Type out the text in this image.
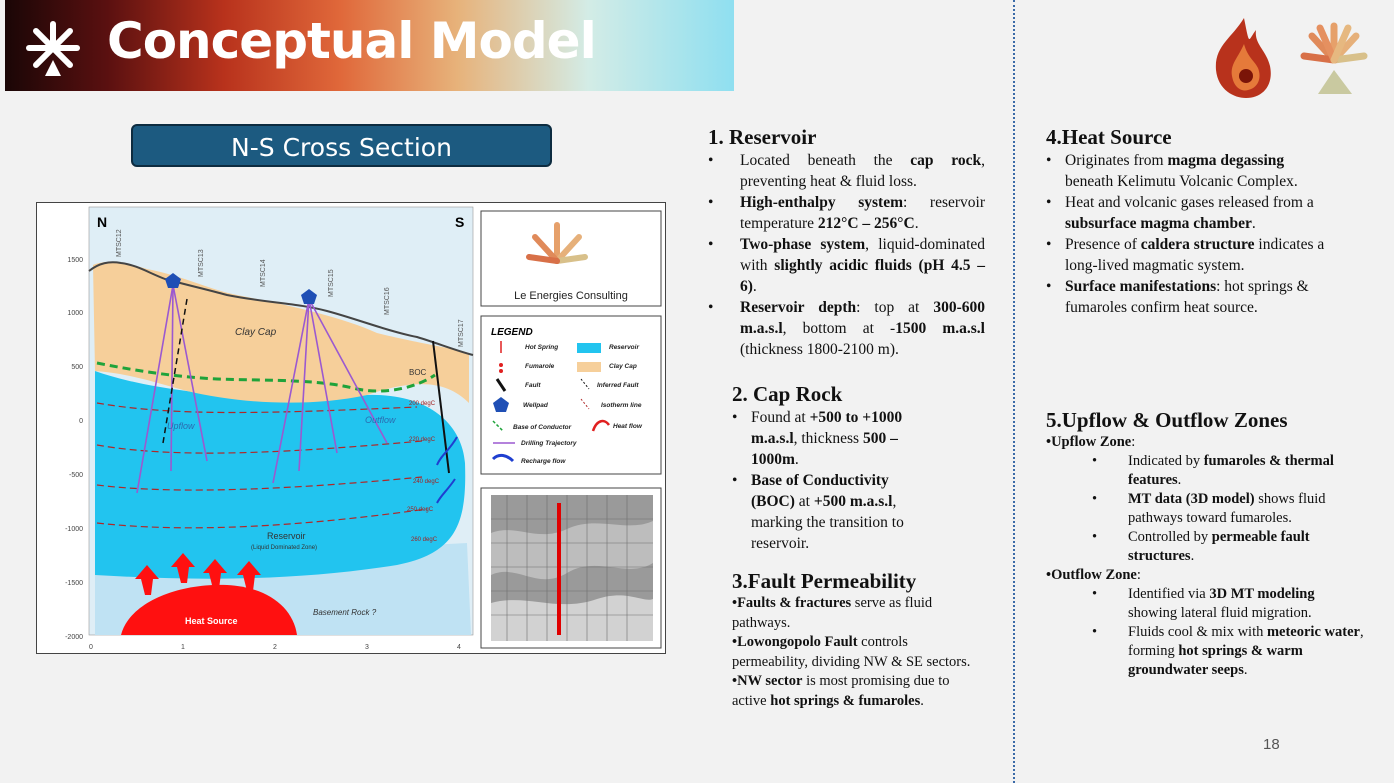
Conceptual Model
N-S Cross Section
N	S
Clay Cap
BOC
Upflow
Outflow
Reservoir
(Liquid Dominated Zone)
Heat Source
Basement Rock ?
200 degC
220 degC
240 degC
250 degC
260 degC
MTSC12
MTSC13	MTSC14	MTSC15
MTSC16
MTSC17
1500
1000
500
0
-500
-1000
-1500
-2000
0	1	2	3	4
Le Energies Consulting
LEGEND
Hot Spring	Reservoir
Fumarole	Clay Cap
Fault	Inferred Fault
Wellpad	Isotherm line
Base of Conductor	Heat flow
Drilling Trajectory
Recharge flow
1. Reservoir
• Located beneath the cap rock, preventing heat & fluid loss.
• High-enthalpy system: reservoir temperature 212°C – 256°C.
• Two-phase system, liquid-dominated with slightly acidic fluids (pH 4.5 – 6).
• Reservoir depth: top at 300-600 m.a.s.l, bottom at -1500 m.a.s.l (thickness 1800-2100 m).
2. Cap Rock
• Found at +500 to +1000 m.a.s.l, thickness 500 – 1000m.
• Base of Conductivity (BOC) at +500 m.a.s.l, marking the transition to reservoir.
3.Fault Permeability

•Faults & fractures serve as fluid pathways.

•Lowongopolo Fault controls permeability, dividing NW & SE sectors.

•NW sector is most promising due to active hot springs & fumaroles.

4.Heat Source
• Originates from magma degassing beneath Kelimutu Volcanic Complex.
• Heat and volcanic gases released from a subsurface magma chamber.
• Presence of caldera structure indicates a long-lived magmatic system.
• Surface manifestations: hot springs & fumaroles confirm heat source.
5.Upflow & Outflow Zones
•Upflow Zone:
• Indicated by fumaroles & thermal features.
• MT data (3D model) shows fluid pathways toward fumaroles.
• Controlled by permeable fault structures.
•Outflow Zone:
• Identified via 3D MT modeling showing lateral fluid migration.
• Fluids cool & mix with meteoric water, forming hot springs & warm groundwater seeps.
18
